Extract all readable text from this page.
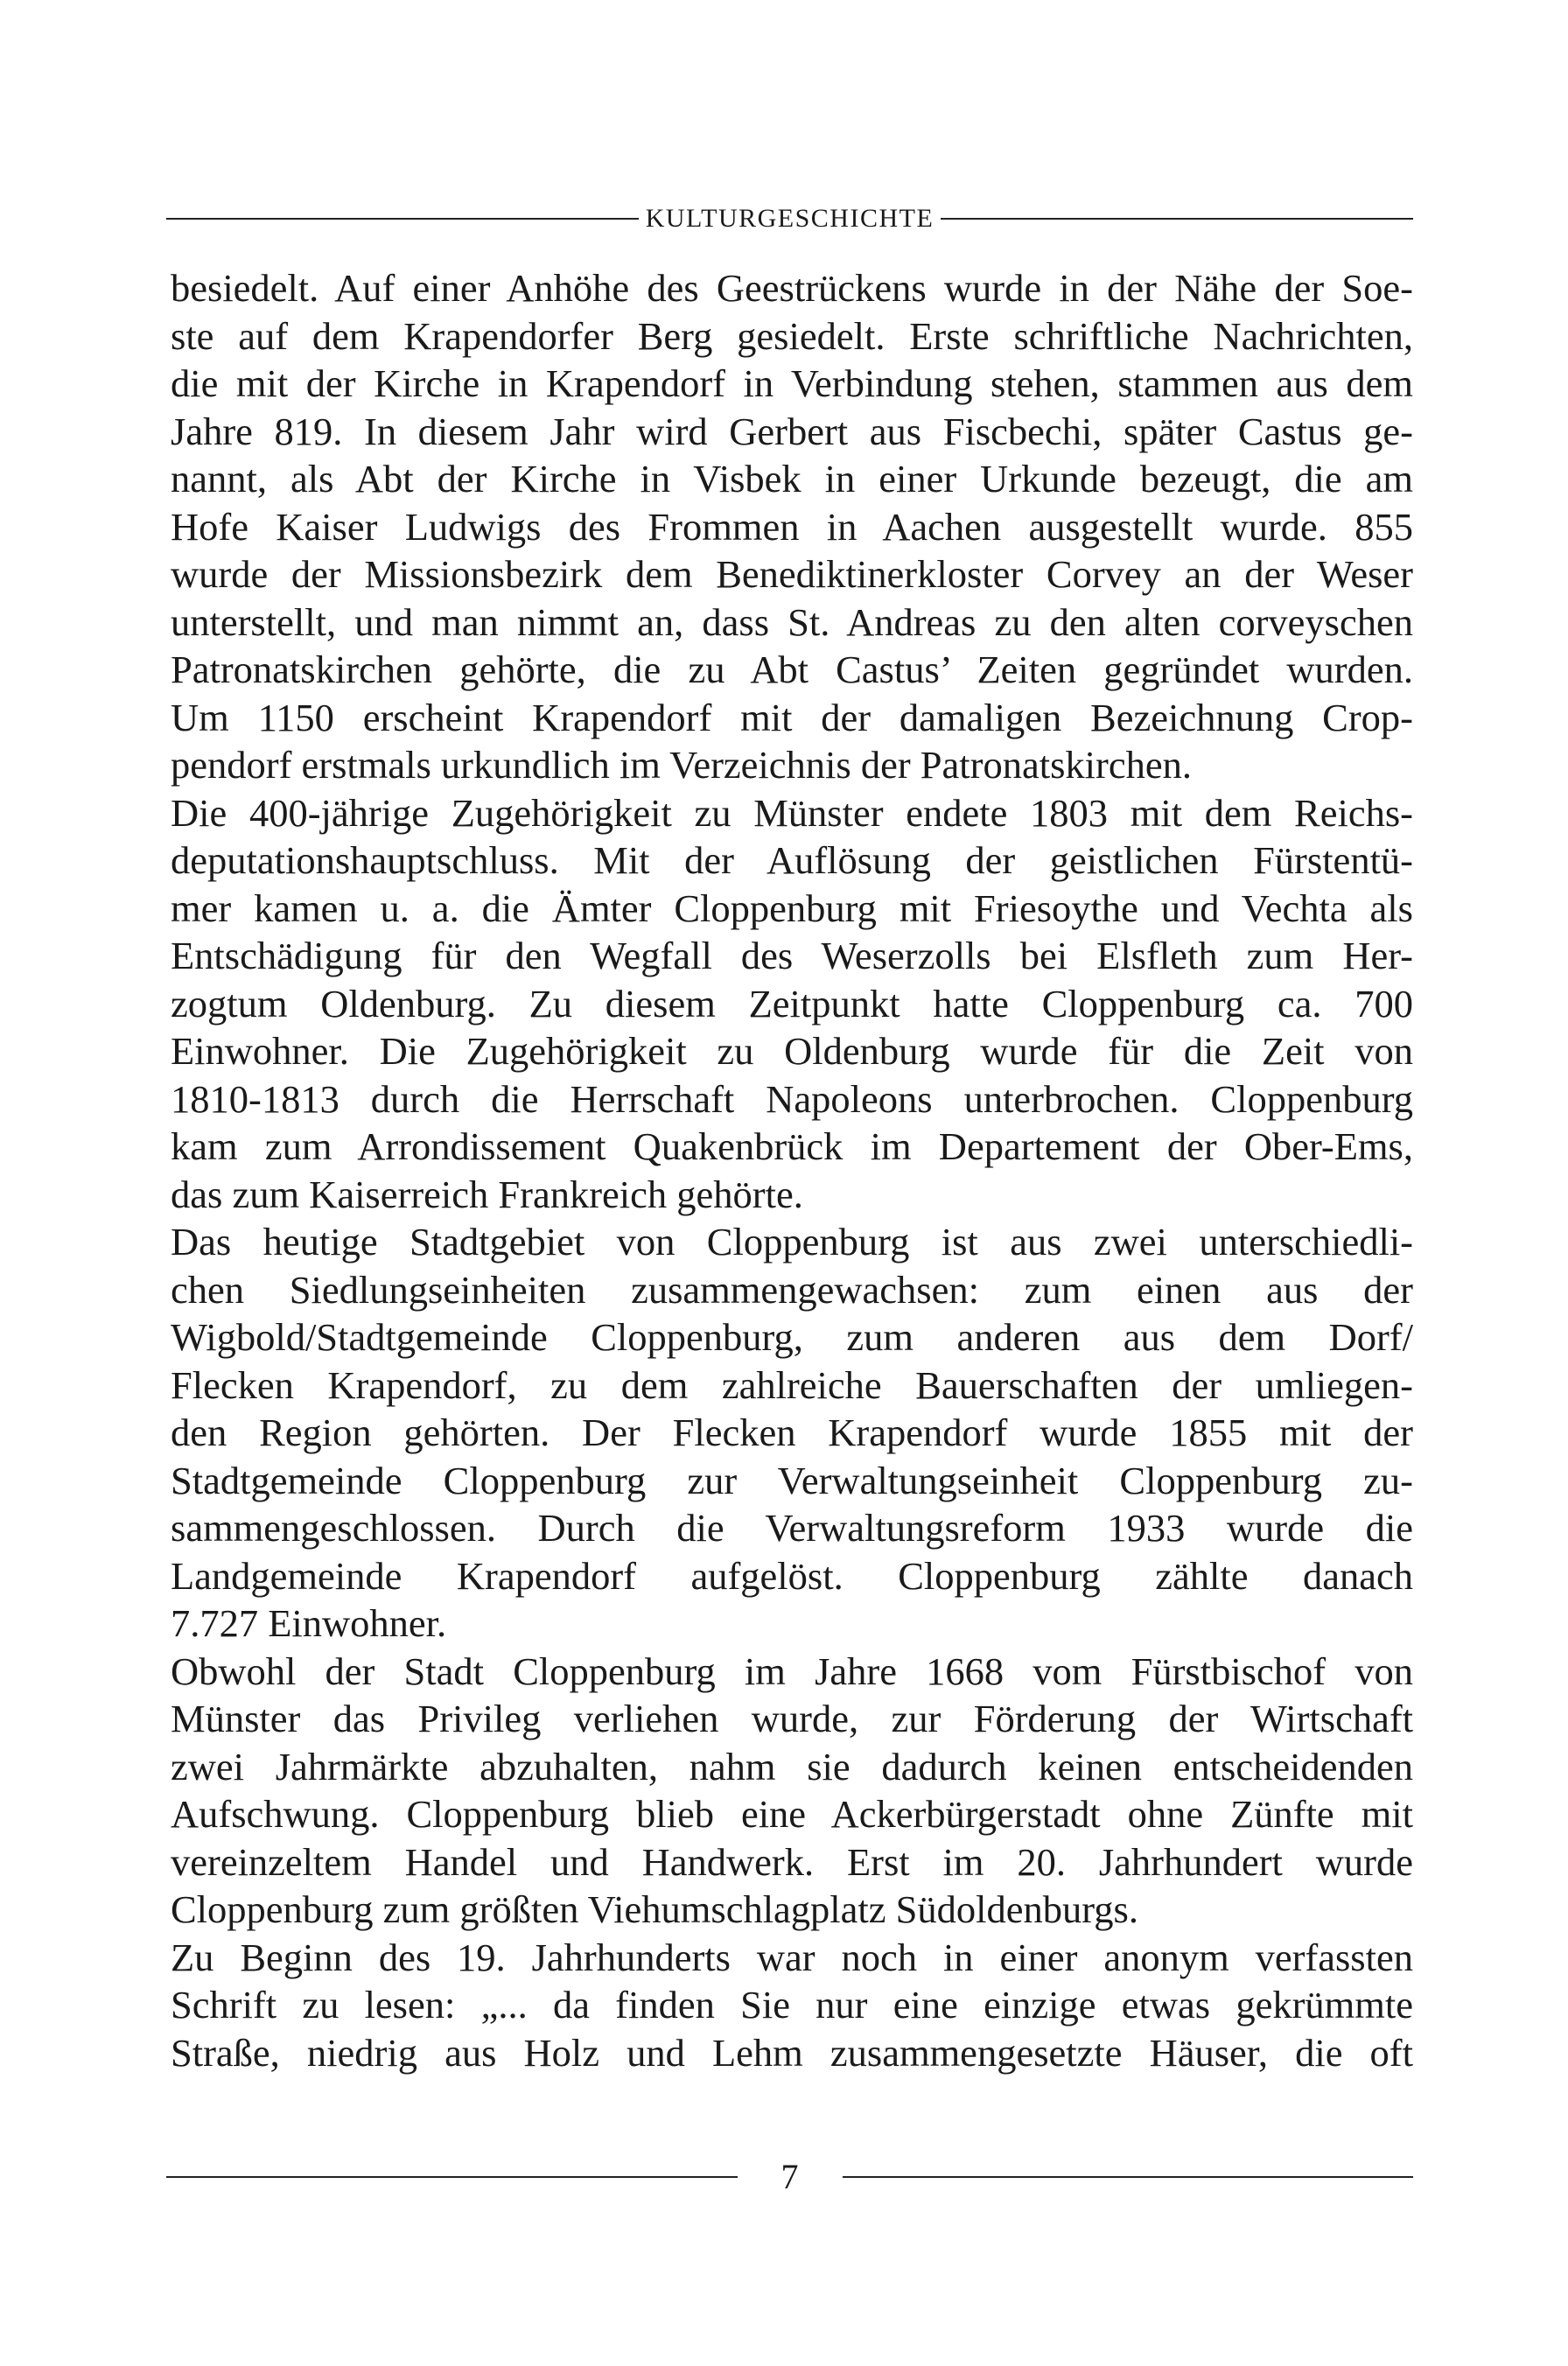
KULTURGESCHICHTE
besiedelt. Auf einer Anhöhe des Geestrückens wurde in der Nähe der Soe-
ste auf dem Krapendorfer Berg gesiedelt. Erste schriftliche Nachrichten,
die mit der Kirche in Krapendorf in Verbindung stehen, stammen aus dem
Jahre 819. In diesem Jahr wird Gerbert aus Fiscbechi, später Castus ge-
nannt, als Abt der Kirche in Visbek in einer Urkunde bezeugt, die am
Hofe Kaiser Ludwigs des Frommen in Aachen ausgestellt wurde. 855
wurde der Missionsbezirk dem Benediktinerkloster Corvey an der Weser
unterstellt, und man nimmt an, dass St. Andreas zu den alten corveyschen
Patronatskirchen gehörte, die zu Abt Castus’ Zeiten gegründet wurden.
Um 1150 erscheint Krapendorf mit der damaligen Bezeichnung Crop-
pendorf erstmals urkundlich im Verzeichnis der Patronatskirchen.
Die 400-jährige Zugehörigkeit zu Münster endete 1803 mit dem Reichs-
deputationshauptschluss. Mit der Auflösung der geistlichen Fürstentü-
mer kamen u. a. die Ämter Cloppenburg mit Friesoythe und Vechta als
Entschädigung für den Wegfall des Weserzolls bei Elsfleth zum Her-
zogtum Oldenburg. Zu diesem Zeitpunkt hatte Cloppenburg ca. 700
Einwohner. Die Zugehörigkeit zu Oldenburg wurde für die Zeit von
1810-1813 durch die Herrschaft Napoleons unterbrochen. Cloppenburg
kam zum Arrondissement Quakenbrück im Departement der Ober-Ems,
das zum Kaiserreich Frankreich gehörte.
Das heutige Stadtgebiet von Cloppenburg ist aus zwei unterschiedli-
chen Siedlungseinheiten zusammengewachsen: zum einen aus der
Wigbold/Stadtgemeinde Cloppenburg, zum anderen aus dem Dorf/
Flecken Krapendorf, zu dem zahlreiche Bauerschaften der umliegen-
den Region gehörten. Der Flecken Krapendorf wurde 1855 mit der
Stadtgemeinde Cloppenburg zur Verwaltungseinheit Cloppenburg zu-
sammengeschlossen. Durch die Verwaltungsreform 1933 wurde die
Landgemeinde Krapendorf aufgelöst. Cloppenburg zählte danach
7.727 Einwohner.
Obwohl der Stadt Cloppenburg im Jahre 1668 vom Fürstbischof von
Münster das Privileg verliehen wurde, zur Förderung der Wirtschaft
zwei Jahrmärkte abzuhalten, nahm sie dadurch keinen entscheidenden
Aufschwung. Cloppenburg blieb eine Ackerbürgerstadt ohne Zünfte mit
vereinzeltem Handel und Handwerk. Erst im 20. Jahrhundert wurde
Cloppenburg zum größten Viehumschlagplatz Südoldenburgs.
Zu Beginn des 19. Jahrhunderts war noch in einer anonym verfassten
Schrift zu lesen: „... da finden Sie nur eine einzige etwas gekrümmte
Straße, niedrig aus Holz und Lehm zusammengesetzte Häuser, die oft
7
